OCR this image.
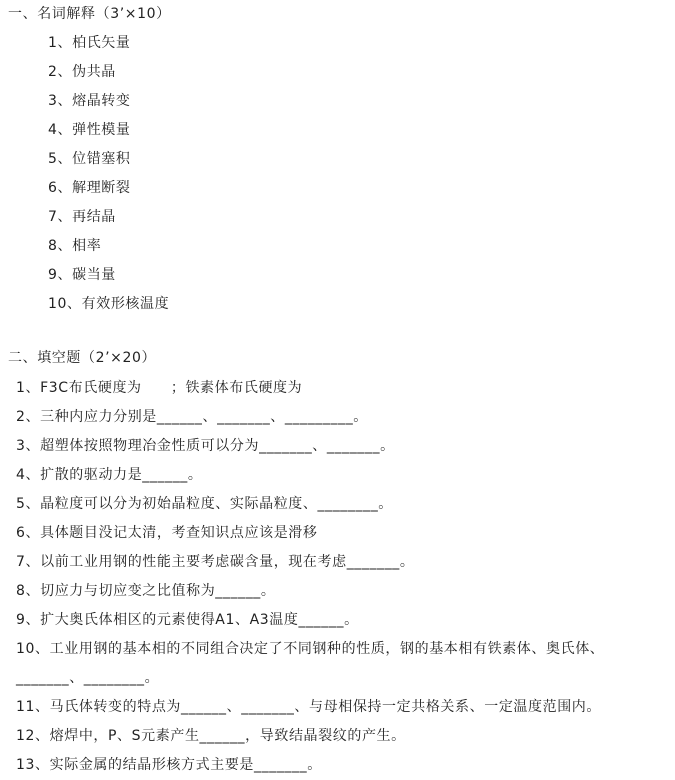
一、名词解释（3’×10）
1、柏氏矢量
2、伪共晶
3、熔晶转变
4、弹性模量
5、位错塞积
6、解理断裂
7、再结晶
8、相率
9、碳当量
10、有效形核温度
二、填空题（2’×20）
1、F3C布氏硬度为　　；铁素体布氏硬度为
2、三种内应力分别是______、_______、_________。
3、超塑体按照物理冶金性质可以分为_______、_______。
4、扩散的驱动力是______。
5、晶粒度可以分为初始晶粒度、实际晶粒度、________。
6、具体题目没记太清，考查知识点应该是滑移
7、以前工业用钢的性能主要考虑碳含量，现在考虑_______。
8、切应力与切应变之比值称为______。
9、扩大奥氏体相区的元素使得A1、A3温度______。
10、工业用钢的基本相的不同组合决定了不同钢种的性质，钢的基本相有铁素体、奥氏体、
_______、________。
11、马氏体转变的特点为______、_______、与母相保持一定共格关系、一定温度范围内。
12、熔焊中，P、S元素产生______，导致结晶裂纹的产生。
13、实际金属的结晶形核方式主要是_______。
